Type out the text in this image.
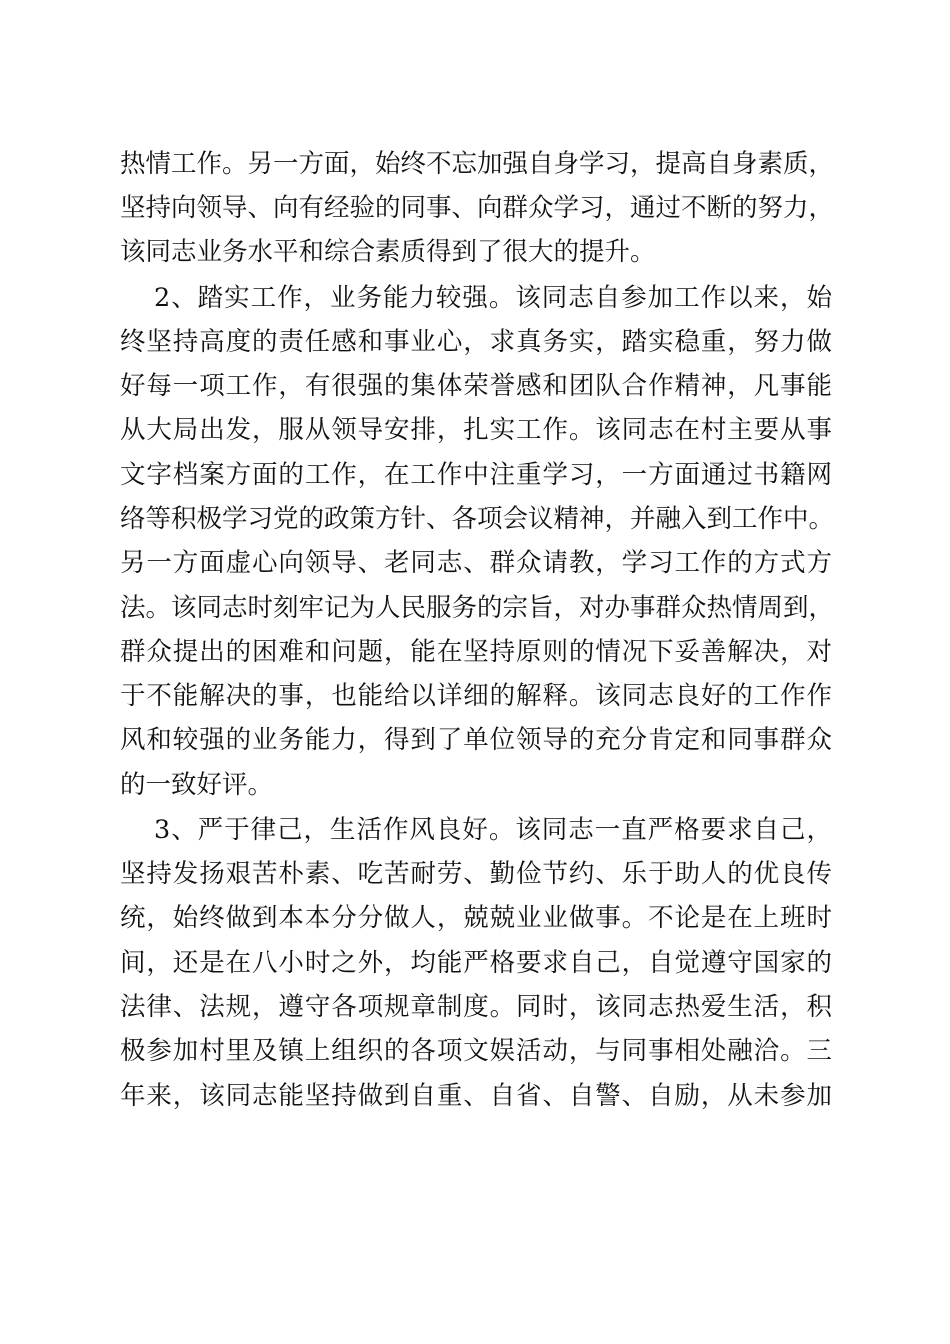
热情工作。另一方面，始终不忘加强自身学习，提高自身素质，
坚持向领导、向有经验的同事、向群众学习，通过不断的努力，
该同志业务水平和综合素质得到了很大的提升。
2、踏实工作，业务能力较强。该同志自参加工作以来，始
终坚持高度的责任感和事业心，求真务实，踏实稳重，努力做
好每一项工作，有很强的集体荣誉感和团队合作精神，凡事能
从大局出发，服从领导安排，扎实工作。该同志在村主要从事
文字档案方面的工作，在工作中注重学习，一方面通过书籍网
络等积极学习党的政策方针、各项会议精神，并融入到工作中。
另一方面虚心向领导、老同志、群众请教，学习工作的方式方
法。该同志时刻牢记为人民服务的宗旨，对办事群众热情周到，
群众提出的困难和问题，能在坚持原则的情况下妥善解决，对
于不能解决的事，也能给以详细的解释。该同志良好的工作作
风和较强的业务能力，得到了单位领导的充分肯定和同事群众
的一致好评。
3、严于律己，生活作风良好。该同志一直严格要求自己，
坚持发扬艰苦朴素、吃苦耐劳、勤俭节约、乐于助人的优良传
统，始终做到本本分分做人，兢兢业业做事。不论是在上班时
间，还是在八小时之外，均能严格要求自己，自觉遵守国家的
法律、法规，遵守各项规章制度。同时，该同志热爱生活，积
极参加村里及镇上组织的各项文娱活动，与同事相处融洽。三
年来，该同志能坚持做到自重、自省、自警、自励，从未参加
